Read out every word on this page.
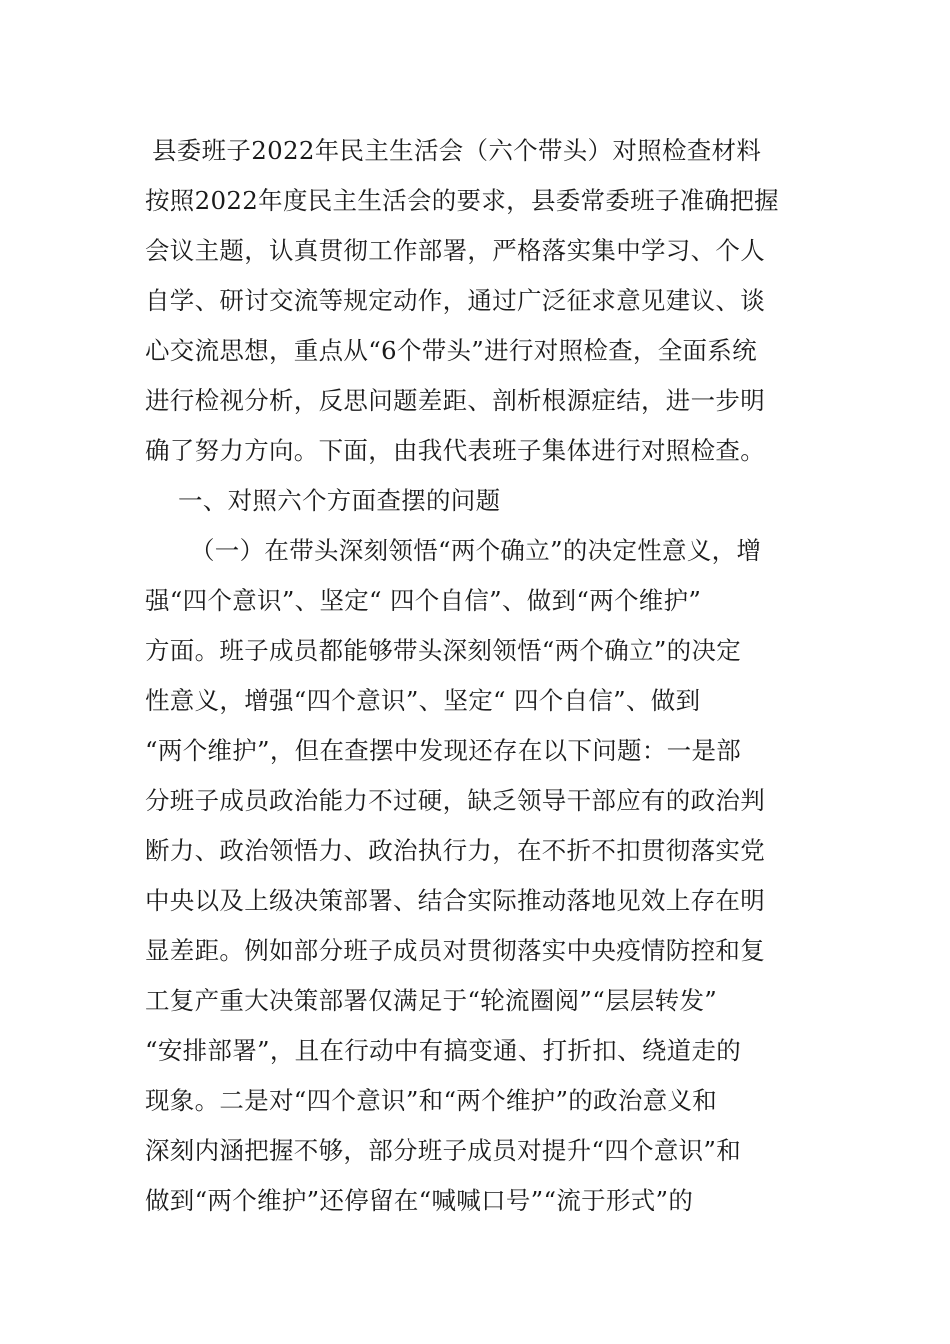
县委班子2022年民主生活会（六个带头）对照检查材料
按照2022年度民主生活会的要求，县委常委班子准确把握
会议主题，认真贯彻工作部署，严格落实集中学习、个人
自学、研讨交流等规定动作，通过广泛征求意见建议、谈
心交流思想，重点从“6个带头”进行对照检查，全面系统
进行检视分析，反思问题差距、剖析根源症结，进一步明
确了努力方向。下面，由我代表班子集体进行对照检查。
一、对照六个方面查摆的问题
（一）在带头深刻领悟“两个确立”的决定性意义，增
强“四个意识”、坚定“ 四个自信”、做到“两个维护”
方面。班子成员都能够带头深刻领悟“两个确立”的决定
性意义，增强“四个意识”、坚定“ 四个自信”、做到
“两个维护”，但在查摆中发现还存在以下问题：一是部
分班子成员政治能力不过硬，缺乏领导干部应有的政治判
断力、政治领悟力、政治执行力，在不折不扣贯彻落实党
中央以及上级决策部署、结合实际推动落地见效上存在明
显差距。例如部分班子成员对贯彻落实中央疫情防控和复
工复产重大决策部署仅满足于“轮流圈阅”“层层转发”
“安排部署”，且在行动中有搞变通、打折扣、绕道走的
现象。二是对“四个意识”和“两个维护”的政治意义和
深刻内涵把握不够，部分班子成员对提升“四个意识”和
做到“两个维护”还停留在“喊喊口号”“流于形式”的
